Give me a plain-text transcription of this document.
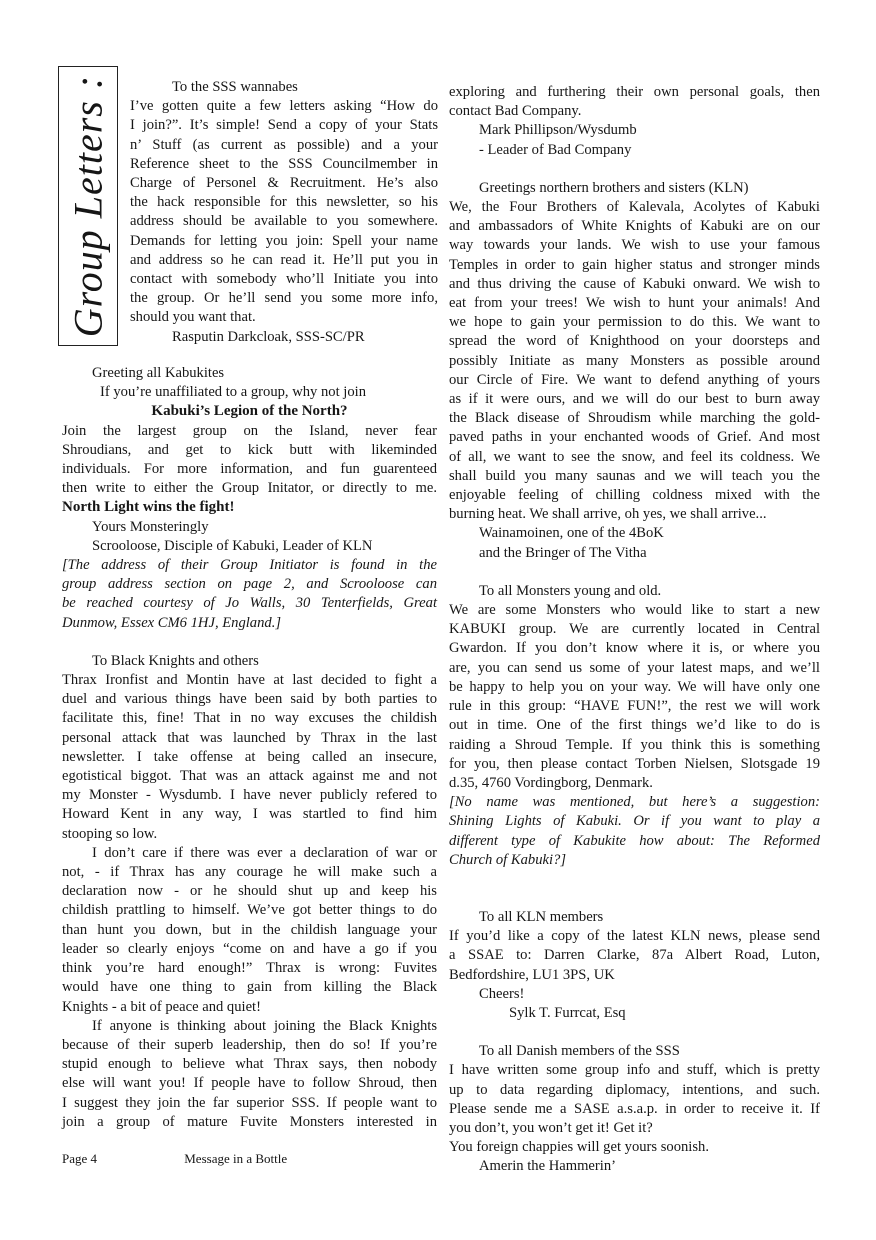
Group Letters :	To the SSS wannabes
I’ve gotten quite a few letters asking “How do
I join?”. It’s simple! Send a copy of your Stats
n’ Stuff (as current as possible) and a your
Reference sheet to the SSS Councilmember in
Charge of Personel & Recruitment. He’s also
the hack responsible for this newsletter, so his
address should be available to you somewhere.
Demands for letting you join: Spell your name
and address so he can read it. He’ll put you in
contact with somebody who’ll Initiate you into
the group. Or he’ll send you some more info,
should you want that.
Rasputin Darkcloak, SSS-SC/PR
Greeting all Kabukites
If you’re unaffiliated to a group, why not join
Kabuki’s Legion of the North?
Join the largest group on the Island, never fear
Shroudians, and get to kick butt with likeminded
individuals. For more information, and fun guarenteed
then write to either the Group Initator, or directly to me.
North Light wins the fight!
Yours Monsteringly
Scrooloose, Disciple of Kabuki, Leader of KLN
[The address of their Group Initiator is found in the
group address section on page 2, and Scrooloose can
be reached courtesy of Jo Walls, 30 Tenterfields, Great
Dunmow, Essex CM6 1HJ, England.]
To Black Knights and others
Thrax Ironfist and Montin have at last decided to fight a
duel and various things have been said by both parties to
facilitate this, fine! That in no way excuses the childish
personal attack that was launched by Thrax in the last
newsletter. I take offense at being called an insecure,
egotistical biggot. That was an attack against me and not
my Monster - Wysdumb. I have never publicly refered to
Howard Kent in any way, I was startled to find him
stooping so low.
I don’t care if there was ever a declaration of war or
not, - if Thrax has any courage he will make such a
declaration now - or he should shut up and keep his
childish prattling to himself. We’ve got better things to do
than hunt you down, but in the childish language your
leader so clearly enjoys “come on and have a go if you
think you’re hard enough!” Thrax is wrong: Fuvites
would have one thing to gain from killing the Black
Knights - a bit of peace and quiet!
If anyone is thinking about joining the Black Knights
because of their superb leadership, then do so! If you’re
stupid enough to believe what Thrax says, then nobody
else will want you! If people have to follow Shroud, then
I suggest they join the far superior SSS. If people want to
join a group of mature Fuvite Monsters interested in
exploring and furthering their own personal goals, then
contact Bad Company.
Mark Phillipson/Wysdumb
- Leader of Bad Company
Greetings northern brothers and sisters (KLN)
We, the Four Brothers of Kalevala, Acolytes of Kabuki
and ambassadors of White Knights of Kabuki are on our
way towards your lands. We wish to use your famous
Temples in order to gain higher status and stronger minds
and thus driving the cause of Kabuki onward. We wish to
eat from your trees! We wish to hunt your animals! And
we hope to gain your permission to do this. We want to
spread the word of Knighthood on your doorsteps and
possibly Initiate as many Monsters as possible around
our Circle of Fire. We want to defend anything of yours
as if it were ours, and we will do our best to burn away
the Black disease of Shroudism while marching the gold-
paved paths in your enchanted woods of Grief. And most
of all, we want to see the snow, and feel its coldness. We
shall build you many saunas and we will teach you the
enjoyable feeling of chilling coldness mixed with the
burning heat. We shall arrive, oh yes, we shall arrive...
Wainamoinen, one of the 4BoK
and the Bringer of The Vitha
To all Monsters young and old.
We are some Monsters who would like to start a new
KABUKI group. We are currently located in Central
Gwardon. If you don’t know where it is, or where you
are, you can send us some of your latest maps, and we’ll
be happy to help you on your way. We will have only one
rule in this group: “HAVE FUN!”, the rest we will work
out in time. One of the first things we’d like to do is
raiding a Shroud Temple. If you think this is something
for you, then please contact Torben Nielsen, Slotsgade 19
d.35, 4760 Vordingborg, Denmark.
[No name was mentioned, but here’s a suggestion:
Shining Lights of Kabuki. Or if you want to play a
different type of Kabukite how about: The Reformed
Church of Kabuki?]
To all KLN members
If you’d like a copy of the latest KLN news, please send
a SSAE to: Darren Clarke, 87a Albert Road, Luton,
Bedfordshire, LU1 3PS, UK
Cheers!
Sylk T. Furrcat, Esq
To all Danish members of the SSS
I have written some group info and stuff, which is pretty
up to data regarding diplomacy, intentions, and such.
Please sende me a SASE a.s.a.p. in order to receive it. If
you don’t, you won’t get it! Get it?
You foreign chappies will get yours soonish.
Amerin the Hammerin’
Page 4	Message in a Bottle
